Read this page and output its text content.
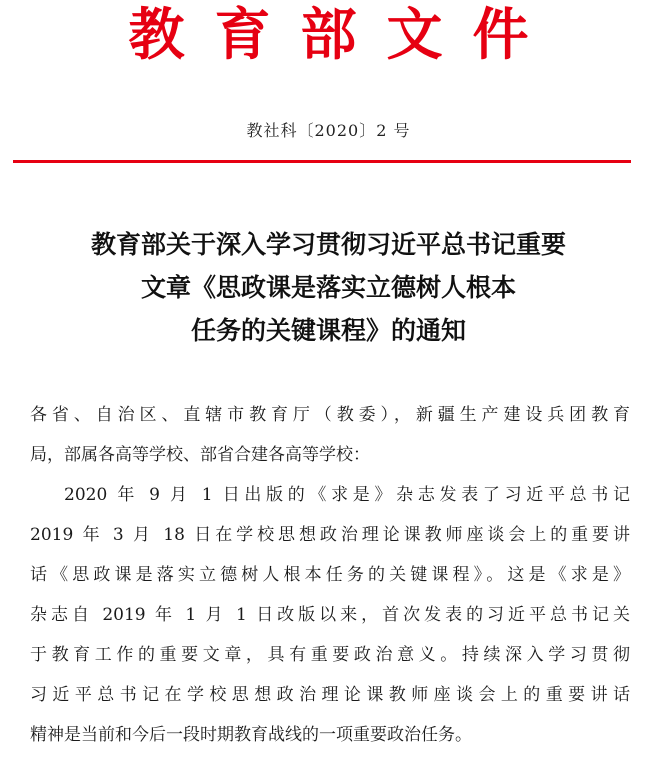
教育部文件
教社科〔2020〕2 号
教育部关于深入学习贯彻习近平总书记重要
文章《思政课是落实立德树人根本
任务的关键课程》的通知
各省、自治区、直辖市教育厅（教委），新疆生产建设兵团教育
局，部属各高等学校、部省合建各高等学校：
2020 年 9 月 1 日出版的《求是》杂志发表了习近平总书记
2019 年 3 月 18 日在学校思想政治理论课教师座谈会上的重要讲
话《思政课是落实立德树人根本任务的关键课程》。这是《求是》
杂志自 2019 年 1 月 1 日改版以来，首次发表的习近平总书记关
于教育工作的重要文章，具有重要政治意义。持续深入学习贯彻
习近平总书记在学校思想政治理论课教师座谈会上的重要讲话
精神是当前和今后一段时期教育战线的一项重要政治任务。
